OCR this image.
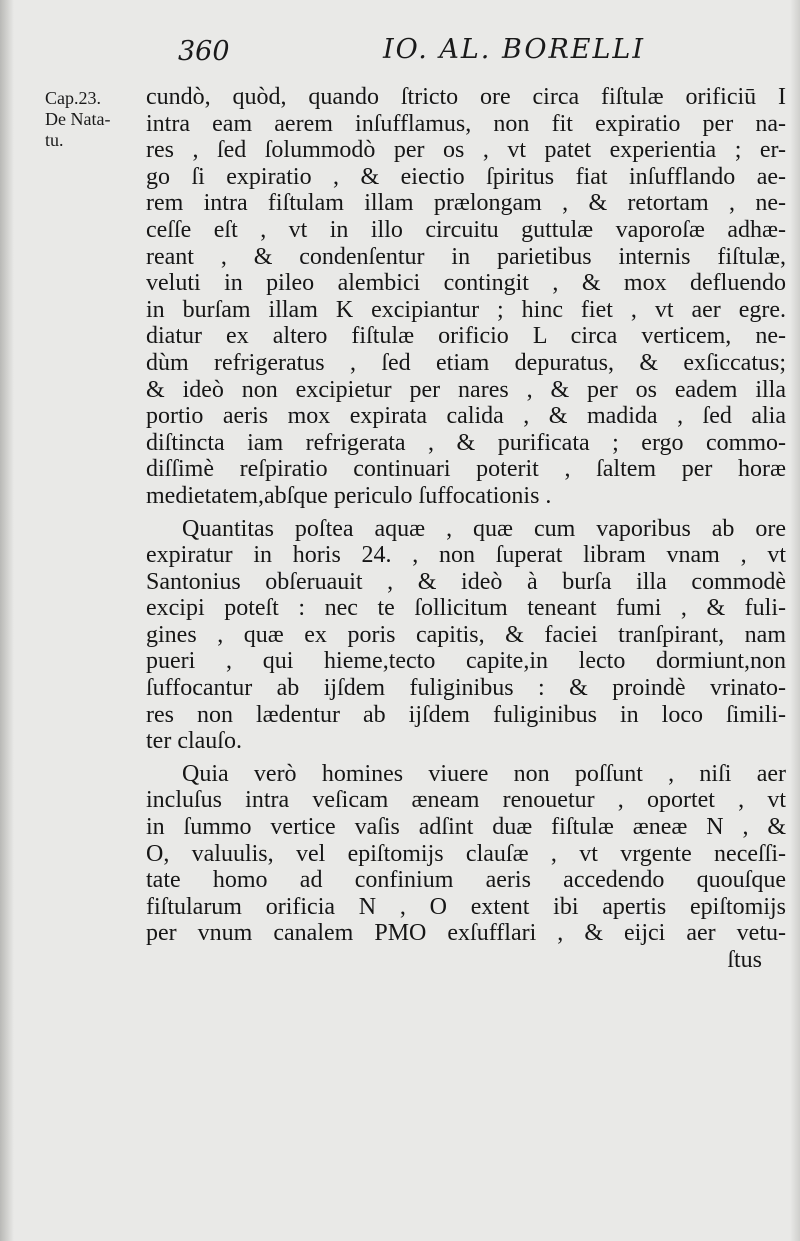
360	IO. AL. BORELLI
Cap.23.
De Nata-
tu.
cundò, quòd, quando ſtricto ore circa fiſtulæ orificiū I
intra eam aerem inſufflamus, non fit expiratio per na-
res , ſed ſolummodò per os , vt patet experientia ; er-
go ſi expiratio , & eiectio ſpiritus fiat inſufflando ae-
rem intra fiſtulam illam prælongam , & retortam , ne-
ceſſe eſt , vt in illo circuitu guttulæ vaporoſæ adhæ-
reant , & condenſentur in parietibus internis fiſtulæ,
veluti in pileo alembici contingit , & mox defluendo
in burſam illam K excipiantur ; hinc fiet , vt aer egre.
diatur ex altero fiſtulæ orificio L circa verticem, ne-
dùm refrigeratus , ſed etiam depuratus, & exſiccatus;
& ideò non excipietur per nares , & per os eadem illa
portio aeris mox expirata calida , & madida , ſed alia
diſtincta iam refrigerata , & purificata ; ergo commo-
diſſimè reſpiratio continuari poterit , ſaltem per horæ
medietatem,abſque periculo ſuffocationis .
Quantitas poſtea aquæ , quæ cum vaporibus ab ore
expiratur in horis 24. , non ſuperat libram vnam , vt
Santonius obſeruauit , & ideò à burſa illa commodè
excipi poteſt : nec te ſollicitum teneant fumi , & fuli-
gines , quæ ex poris capitis, & faciei tranſpirant, nam
pueri , qui hieme,tecto capite,in lecto dormiunt,non
ſuffocantur ab ijſdem fuliginibus : & proindè vrinato-
res non lædentur ab ijſdem fuliginibus in loco ſimili-
ter clauſo.
Quia verò homines viuere non poſſunt , niſi aer
incluſus intra veſicam æneam renouetur , oportet , vt
in ſummo vertice vaſis adſint duæ fiſtulæ æneæ N , &
O, valuulis, vel epiſtomijs clauſæ , vt vrgente neceſſi-
tate homo ad confinium aeris accedendo quouſque
fiſtularum orificia N , O extent ibi apertis epiſtomijs
per vnum canalem PMO exſufflari , & eijci aer vetu-
ſtus
